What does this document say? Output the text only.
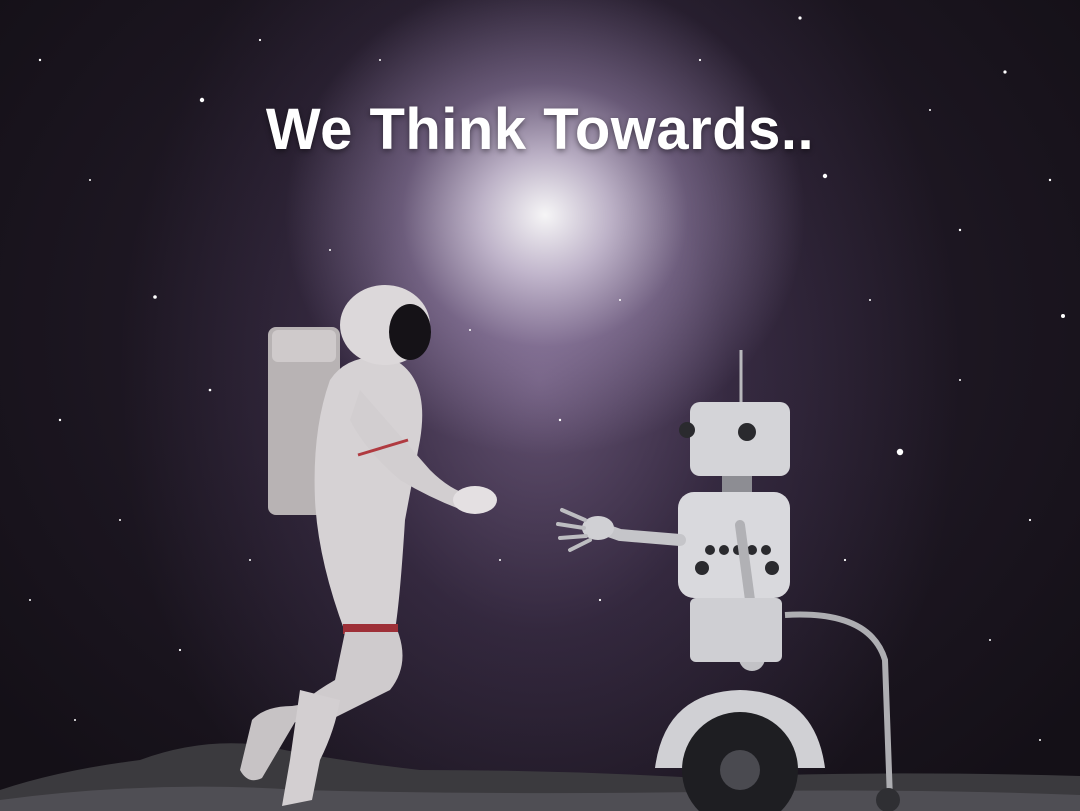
We Think Towards..
